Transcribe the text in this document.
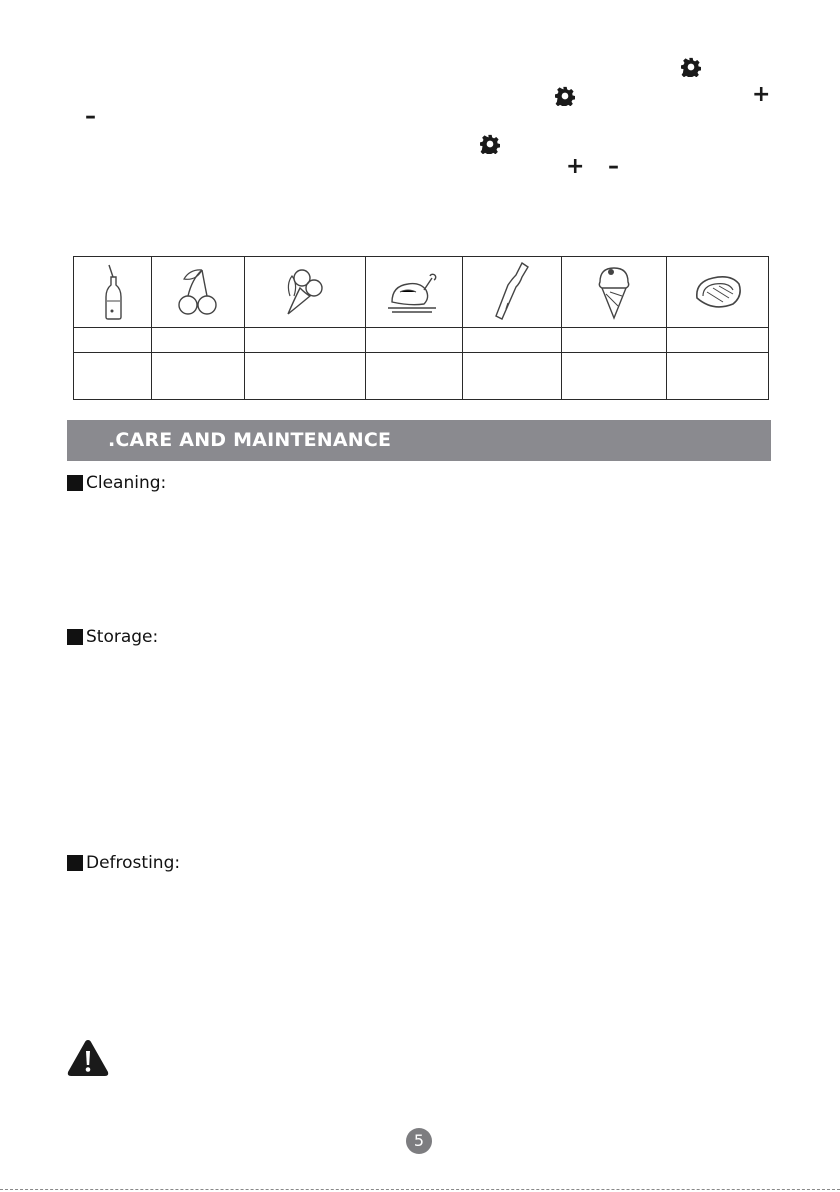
+
–
+ –

.CARE AND MAINTENANCE
Cleaning:
Storage:
Defrosting:
5
